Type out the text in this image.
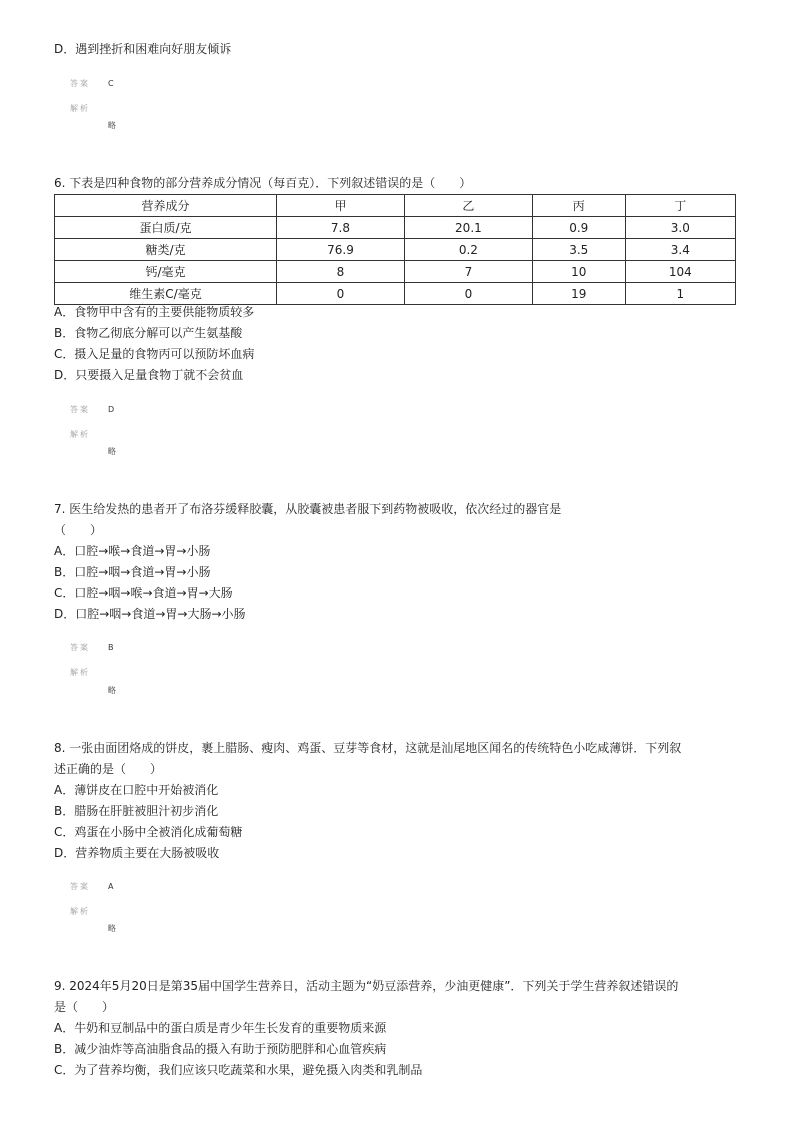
D．遇到挫折和困难向好朋友倾诉
答案 C
解析
略
6. 下表是四种食物的部分营养成分情况（每百克）．下列叙述错误的是（　　）
营养成分	甲	乙	丙	丁
蛋白质/克	7.8	20.1	0.9	3.0
糖类/克	76.9	0.2	3.5	3.4
钙/毫克	8	7	10	104
维生素C/毫克	0	0	19	1
A．食物甲中含有的主要供能物质较多
B．食物乙彻底分解可以产生氨基酸
C．摄入足量的食物丙可以预防坏血病
D．只要摄入足量食物丁就不会贫血
答案 D
解析
略
7. 医生给发热的患者开了布洛芬缓释胶囊，从胶囊被患者服下到药物被吸收，依次经过的器官是
（　　）
A．口腔→喉→食道→胃→小肠
B．口腔→咽→食道→胃→小肠
C．口腔→咽→喉→食道→胃→大肠
D．口腔→咽→食道→胃→大肠→小肠
答案 B
解析
略
8. 一张由面团烙成的饼皮，裹上腊肠、瘦肉、鸡蛋、豆芽等食材，这就是汕尾地区闻名的传统特色小吃咸薄饼．下列叙
述正确的是（　　）
A．薄饼皮在口腔中开始被消化
B．腊肠在肝脏被胆汁初步消化
C．鸡蛋在小肠中全被消化成葡萄糖
D．营养物质主要在大肠被吸收
答案 A
解析
略
9. 2024年5月20日是第35届中国学生营养日，活动主题为“奶豆添营养，少油更健康”．下列关于学生营养叙述错误的
是（　　）
A．牛奶和豆制品中的蛋白质是青少年生长发育的重要物质来源
B．减少油炸等高油脂食品的摄入有助于预防肥胖和心血管疾病
C．为了营养均衡，我们应该只吃蔬菜和水果，避免摄入肉类和乳制品
